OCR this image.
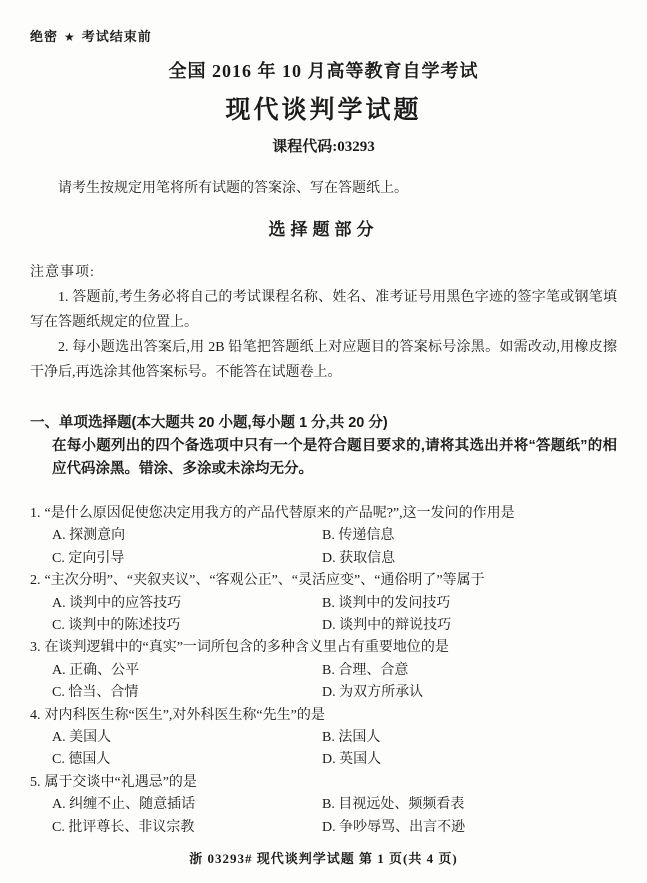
绝密 ★ 考试结束前
全国 2016 年 10 月高等教育自学考试
现代谈判学试题
课程代码:03293

请考生按规定用笔将所有试题的答案涂、写在答题纸上。

选择题部分
注意事项:

1. 答题前,考生务必将自己的考试课程名称、姓名、准考证号用黑色字迹的签字笔或钢笔填写在答题纸规定的位置上。

2. 每小题选出答案后,用 2B 铅笔把答题纸上对应题目的答案标号涂黑。如需改动,用橡皮擦干净后,再选涂其他答案标号。不能答在试题卷上。

一、单项选择题(本大题共 20 小题,每小题 1 分,共 20 分)
在每小题列出的四个备选项中只有一个是符合题目要求的,请将其选出并将“答题纸”的相应代码涂黑。错涂、多涂或未涂均无分。
1. “是什么原因促使您决定用我方的产品代替原来的产品呢?”,这一发问的作用是
A. 探测意向	B. 传递信息
C. 定向引导	D. 获取信息
2. “主次分明”、“夹叙夹议”、“客观公正”、“灵活应变”、“通俗明了”等属于
A. 谈判中的应答技巧	B. 谈判中的发问技巧
C. 谈判中的陈述技巧	D. 谈判中的辩说技巧
3. 在谈判逻辑中的“真实”一词所包含的多种含义里占有重要地位的是
A. 正确、公平	B. 合理、合意
C. 恰当、合情	D. 为双方所承认
4. 对内科医生称“医生”,对外科医生称“先生”的是
A. 美国人	B. 法国人
C. 德国人	D. 英国人
5. 属于交谈中“礼遇忌”的是
A. 纠缠不止、随意插话	B. 目视远处、频频看表
C. 批评尊长、非议宗教	D. 争吵辱骂、出言不逊
浙 03293# 现代谈判学试题 第 1 页(共 4 页)
